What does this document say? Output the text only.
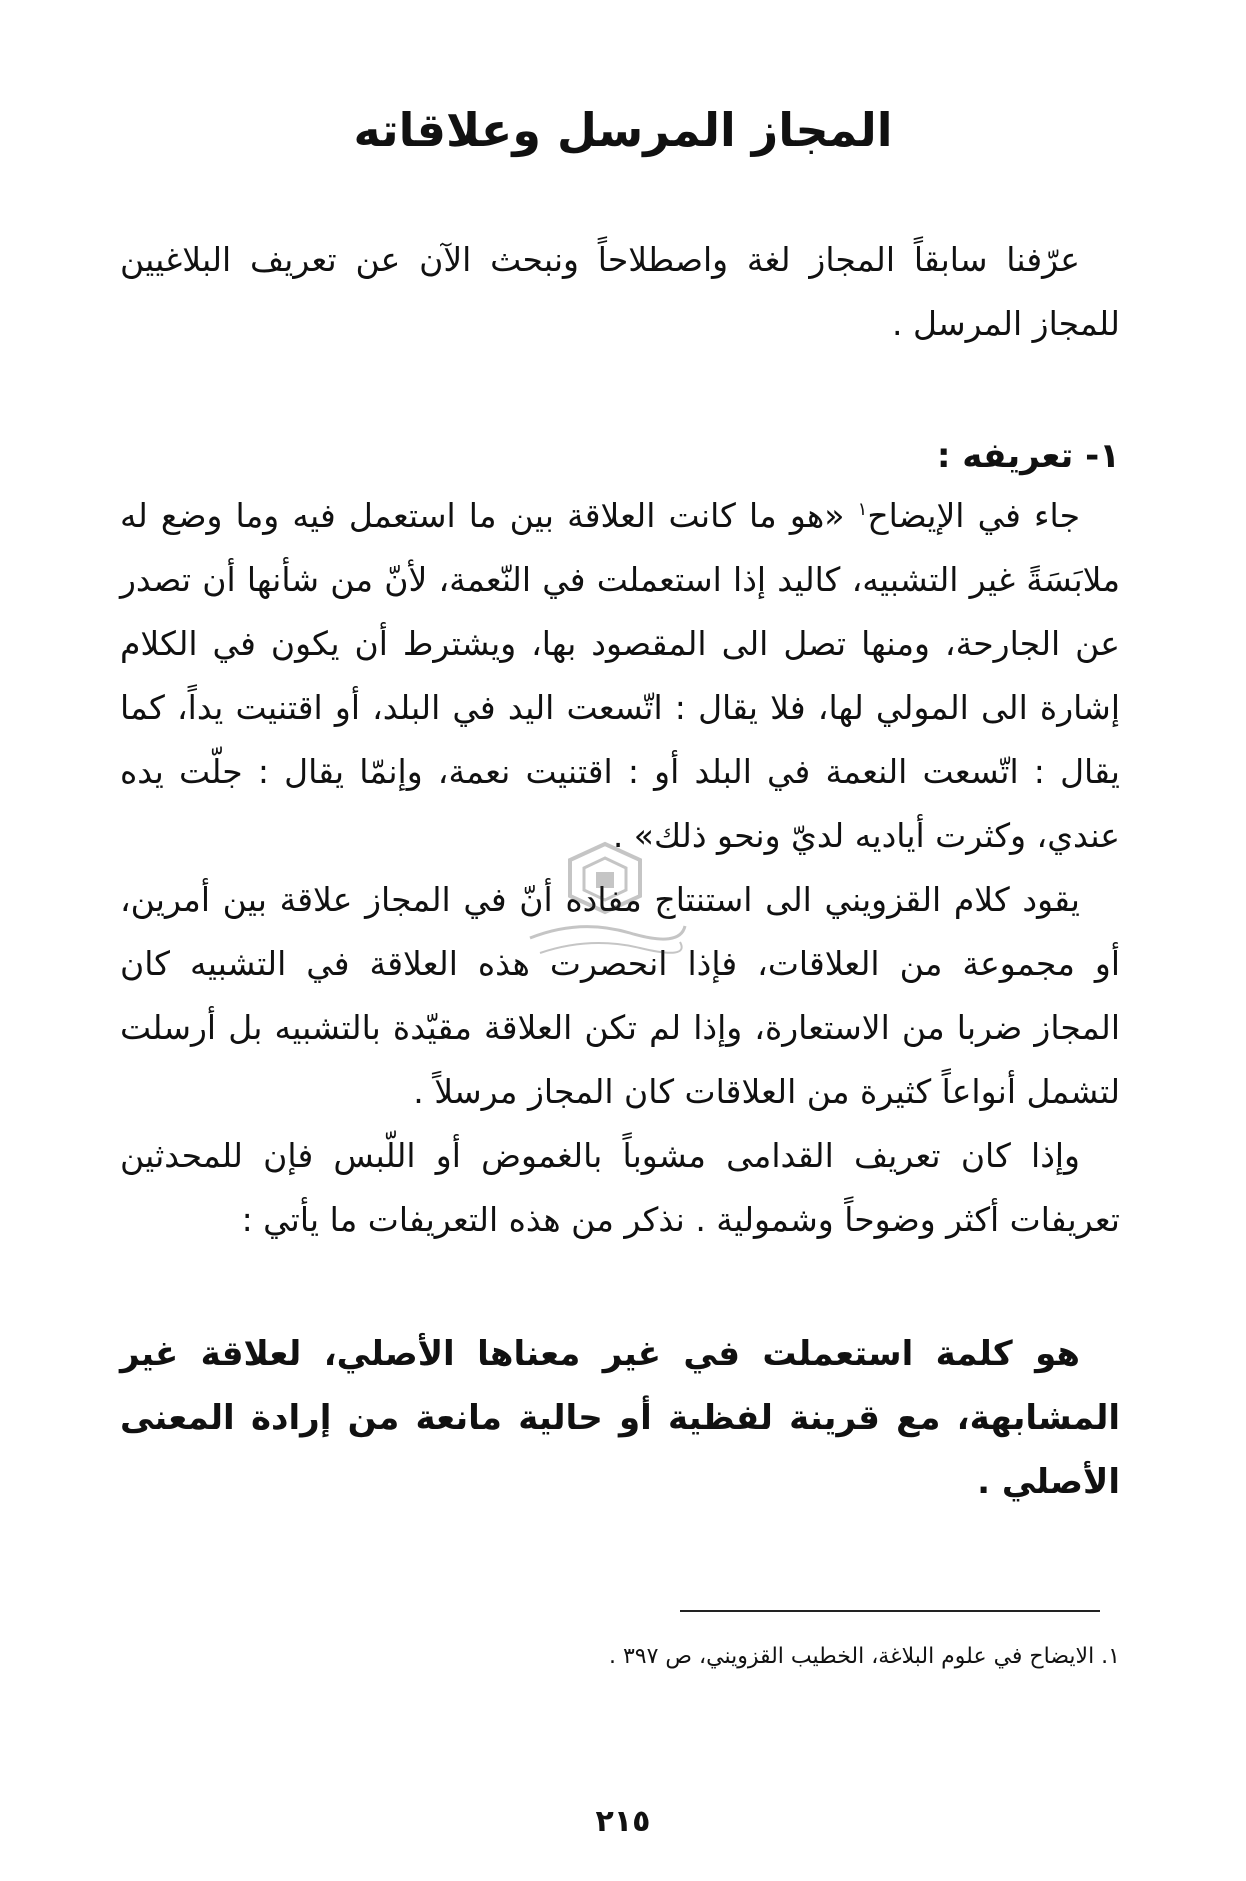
المجاز المرسل وعلاقاته
عرّفنا سابقاً المجاز لغة واصطلاحاً ونبحث الآن عن تعريف البلاغيين للمجاز المرسل .
١- تعريفه :
جاء في الإيضاح$^١$ «هو ما كانت العلاقة بين ما استعمل فيه وما وضع له ملابَسَةً غير التشبيه، كاليد إذا استعملت في النّعمة، لأنّ من شأنها أن تصدر عن الجارحة، ومنها تصل الى المقصود بها، ويشترط أن يكون في الكلام إشارة الى المولي لها، فلا يقال : اتّسعت اليد في البلد، أو اقتنيت يداً، كما يقال : اتّسعت النعمة في البلد أو : اقتنيت نعمة، وإنمّا يقال : جلّت يده عندي، وكثرت أياديه لديّ ونحو ذلك» .
يقود كلام القزويني الى استنتاج مفاده أنّ في المجاز علاقة بين أمرين، أو مجموعة من العلاقات، فإذا انحصرت هذه العلاقة في التشبيه كان المجاز ضربا من الاستعارة، وإذا لم تكن العلاقة مقيّدة بالتشبيه بل أرسلت لتشمل أنواعاً كثيرة من العلاقات كان المجاز مرسلاً .
وإذا كان تعريف القدامى مشوباً بالغموض أو اللّبس فإن للمحدثين تعريفات أكثر وضوحاً وشمولية . نذكر من هذه التعريفات ما يأتي :
هو كلمة استعملت في غير معناها الأصلي، لعلاقة غير المشابهة، مع قرينة لفظية أو حالية مانعة من إرادة المعنى الأصلي .
١. الايضاح في علوم البلاغة، الخطيب القزويني، ص ٣٩٧ .
٢١٥
